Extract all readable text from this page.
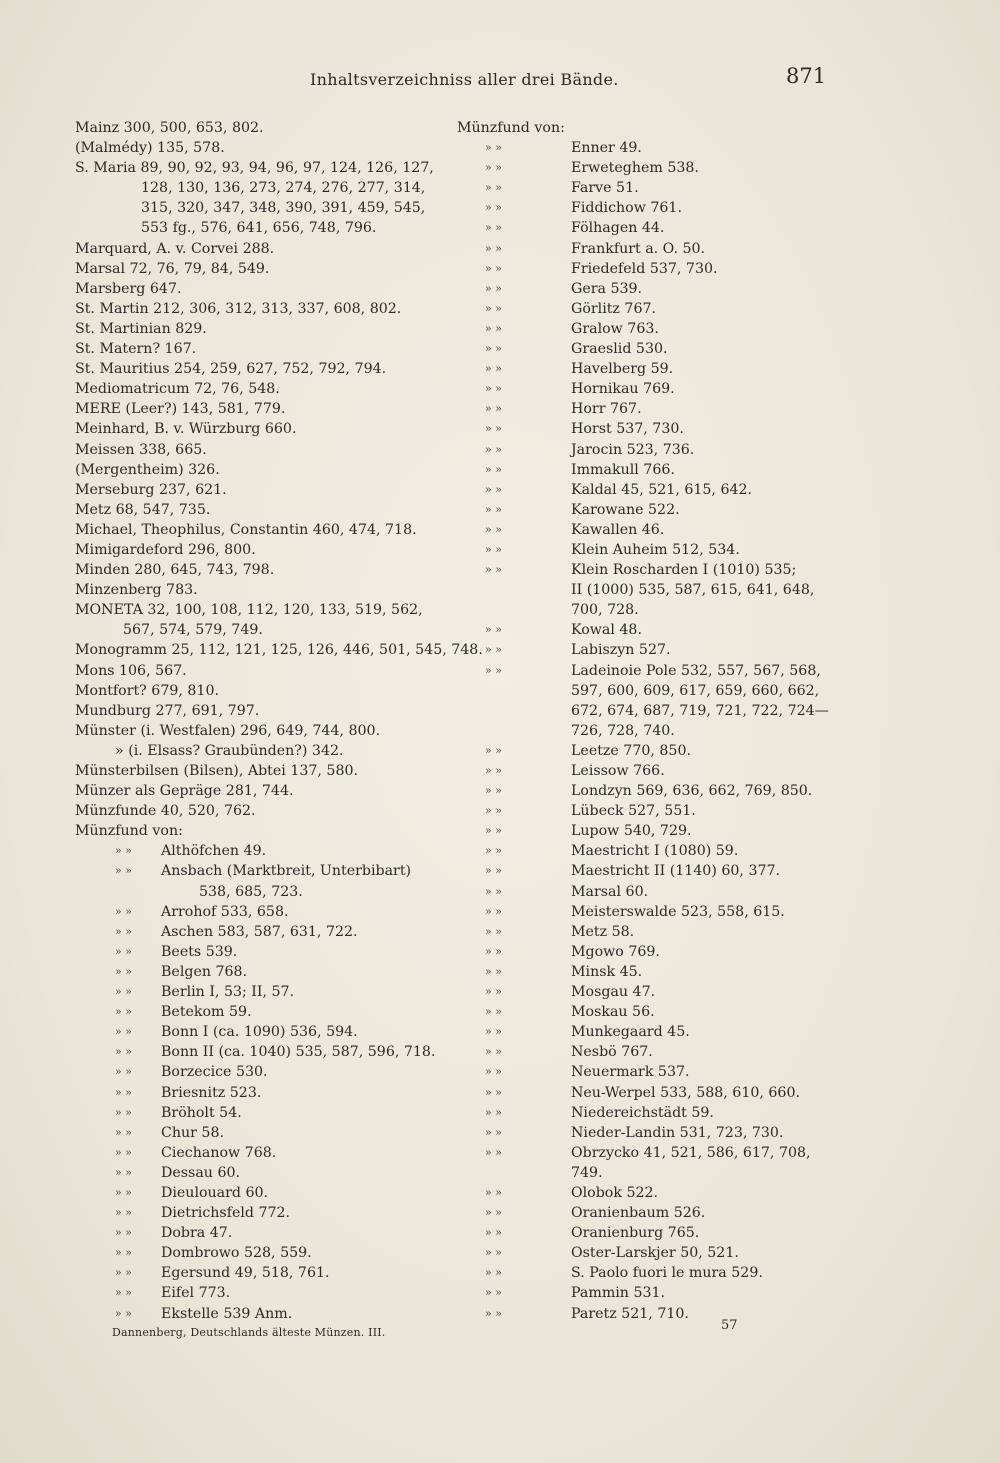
Inhaltsverzeichniss aller drei Bände.	871
Mainz 300, 500, 653, 802.
(Malmédy) 135, 578.
S. Maria 89, 90, 92, 93, 94, 96, 97, 124, 126, 127,
128, 130, 136, 273, 274, 276, 277, 314,
315, 320, 347, 348, 390, 391, 459, 545,
553 fg., 576, 641, 656, 748, 796.
Marquard, A. v. Corvei 288.
Marsal 72, 76, 79, 84, 549.
Marsberg 647.
St. Martin 212, 306, 312, 313, 337, 608, 802.
St. Martinian 829.
St. Matern? 167.
St. Mauritius 254, 259, 627, 752, 792, 794.
Mediomatricum 72, 76, 548.
MERE (Leer?) 143, 581, 779.
Meinhard, B. v. Würzburg 660.
Meissen 338, 665.
(Mergentheim) 326.
Merseburg 237, 621.
Metz 68, 547, 735.
Michael, Theophilus, Constantin 460, 474, 718.
Mimigardeford 296, 800.
Minden 280, 645, 743, 798.
Minzenberg 783.
MONETA 32, 100, 108, 112, 120, 133, 519, 562,
567, 574, 579, 749.
Monogramm 25, 112, 121, 125, 126, 446, 501, 545, 748.
Mons 106, 567.
Montfort? 679, 810.
Mundburg 277, 691, 797.
Münster (i. Westfalen) 296, 649, 744, 800.
» (i. Elsass? Graubünden?) 342.
Münsterbilsen (Bilsen), Abtei 137, 580.
Münzer als Gepräge 281, 744.
Münzfunde 40, 520, 762.
Münzfund von:
» »	Althöfchen 49.
» »	Ansbach (Marktbreit, Unterbibart)
538, 685, 723.
» »	Arrohof 533, 658.
» »	Aschen 583, 587, 631, 722.
» »	Beets 539.
» »	Belgen 768.
» »	Berlin I, 53; II, 57.
» »	Betekom 59.
» »	Bonn I (ca. 1090) 536, 594.
» »	Bonn II (ca. 1040) 535, 587, 596, 718.
» »	Borzecice 530.
» »	Briesnitz 523.
» »	Bröholt 54.
» »	Chur 58.
» »	Ciechanow 768.
» »	Dessau 60.
» »	Dieulouard 60.
» »	Dietrichsfeld 772.
» »	Dobra 47.
» »	Dombrowo 528, 559.
» »	Egersund 49, 518, 761.
» »	Eifel 773.
» »	Ekstelle 539 Anm.
Münzfund von:
» »	Enner 49.
» »	Erweteghem 538.
» »	Farve 51.
» »	Fiddichow 761.
» »	Fölhagen 44.
» »	Frankfurt a. O. 50.
» »	Friedefeld 537, 730.
» »	Gera 539.
» »	Görlitz 767.
» »	Gralow 763.
» »	Graeslid 530.
» »	Havelberg 59.
» »	Hornikau 769.
» »	Horr 767.
» »	Horst 537, 730.
» »	Jarocin 523, 736.
» »	Immakull 766.
» »	Kaldal 45, 521, 615, 642.
» »	Karowane 522.
» »	Kawallen 46.
» »	Klein Auheim 512, 534.
» »	Klein Roscharden I (1010) 535;
II (1000) 535, 587, 615, 641, 648,
700, 728.
» »	Kowal 48.
» »	Labiszyn 527.
» »	Ladeinoie Pole 532, 557, 567, 568,
597, 600, 609, 617, 659, 660, 662,
672, 674, 687, 719, 721, 722, 724—
726, 728, 740.
» »	Leetze 770, 850.
» »	Leissow 766.
» »	Londzyn 569, 636, 662, 769, 850.
» »	Lübeck 527, 551.
» »	Lupow 540, 729.
» »	Maestricht I (1080) 59.
» »	Maestricht II (1140) 60, 377.
» »	Marsal 60.
» »	Meisterswalde 523, 558, 615.
» »	Metz 58.
» »	Mgowo 769.
» »	Minsk 45.
» »	Mosgau 47.
» »	Moskau 56.
» »	Munkegaard 45.
» »	Nesbö 767.
» »	Neuermark 537.
» »	Neu-Werpel 533, 588, 610, 660.
» »	Niedereichstädt 59.
» »	Nieder-Landin 531, 723, 730.
» »	Obrzycko 41, 521, 586, 617, 708,
749.
» »	Olobok 522.
» »	Oranienbaum 526.
» »	Oranienburg 765.
» »	Oster-Larskjer 50, 521.
» »	S. Paolo fuori le mura 529.
» »	Pammin 531.
» »	Paretz 521, 710.
Dannenberg, Deutschlands älteste Münzen. III.	57
